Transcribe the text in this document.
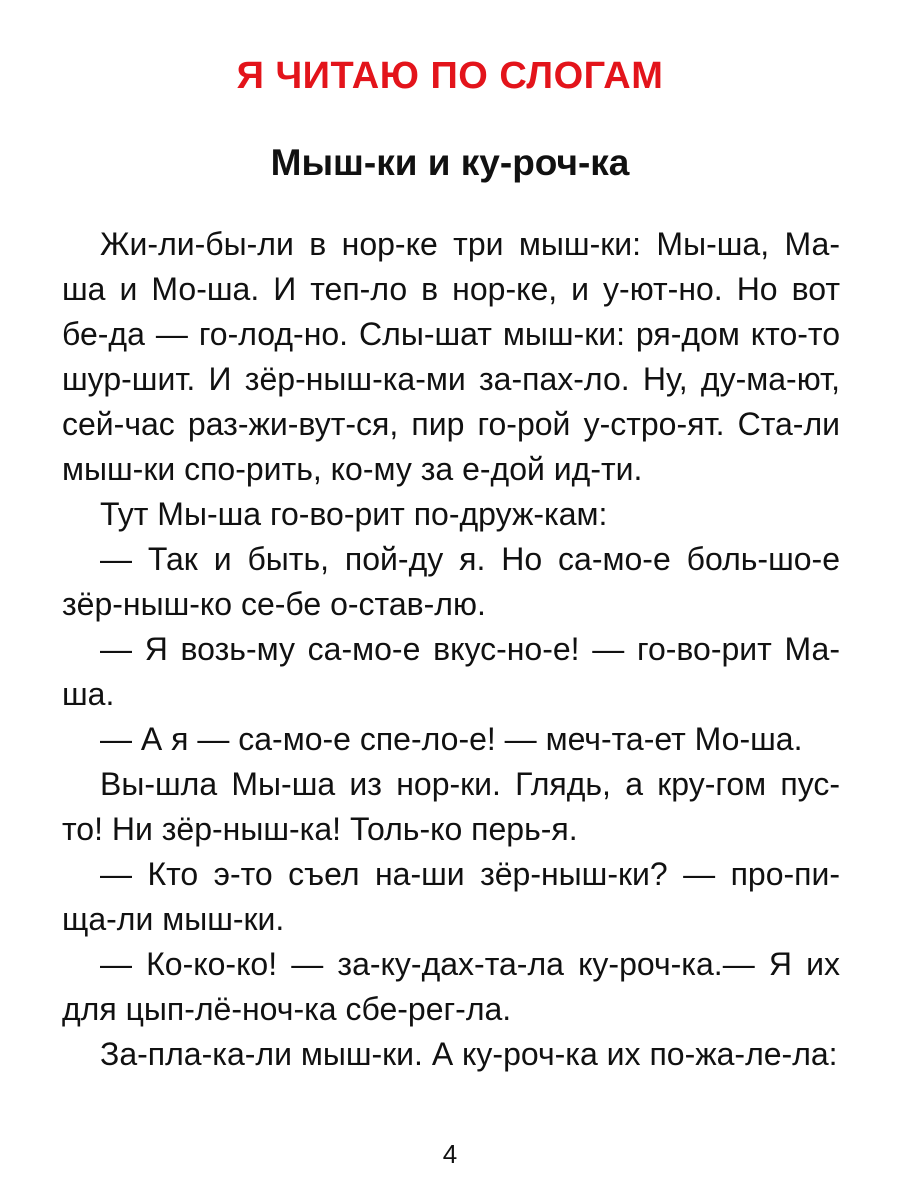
Я ЧИТАЮ ПО СЛОГАМ
Мыш-ки и ку-роч-ка

Жи-ли-бы-ли в нор-ке три мыш-ки: Мы-ша, Ма-ша и Мо-ша. И теп-ло в нор-ке, и у-ют-но. Но вот бе-да — го-лод-но. Слы-шат мыш-ки: ря-дом кто-то шур-шит. И зёр-ныш-ка-ми за-пах-ло. Ну, ду-ма-ют, сей-час раз-жи-вут-ся, пир го-рой у-стро-ят. Ста-ли мыш-ки спо-рить, ко-му за е-дой ид-ти.

Тут Мы-ша го-во-рит по-друж-кам:

— Так и быть, пой-ду я. Но са-мо-е боль-шо-е зёр-ныш-ко се-бе о-став-лю.

— Я возь-му са-мо-е вкус-но-е! — го-во-рит Ма-ша.

— А я — са-мо-е спе-ло-е! — меч-та-ет Мо-ша.

Вы-шла Мы-ша из нор-ки. Глядь, а кру-гом пус-то! Ни зёр-ныш-ка! Толь-ко перь-я.

— Кто э-то съел на-ши зёр-ныш-ки? — про-пи-ща-ли мыш-ки.

— Ко-ко-ко! — за-ку-дах-та-ла ку-роч-ка.— Я их для цып-лё-ноч-ка сбе-рег-ла.

За-пла-ка-ли мыш-ки. А ку-роч-ка их по-жа-ле-ла:

4
